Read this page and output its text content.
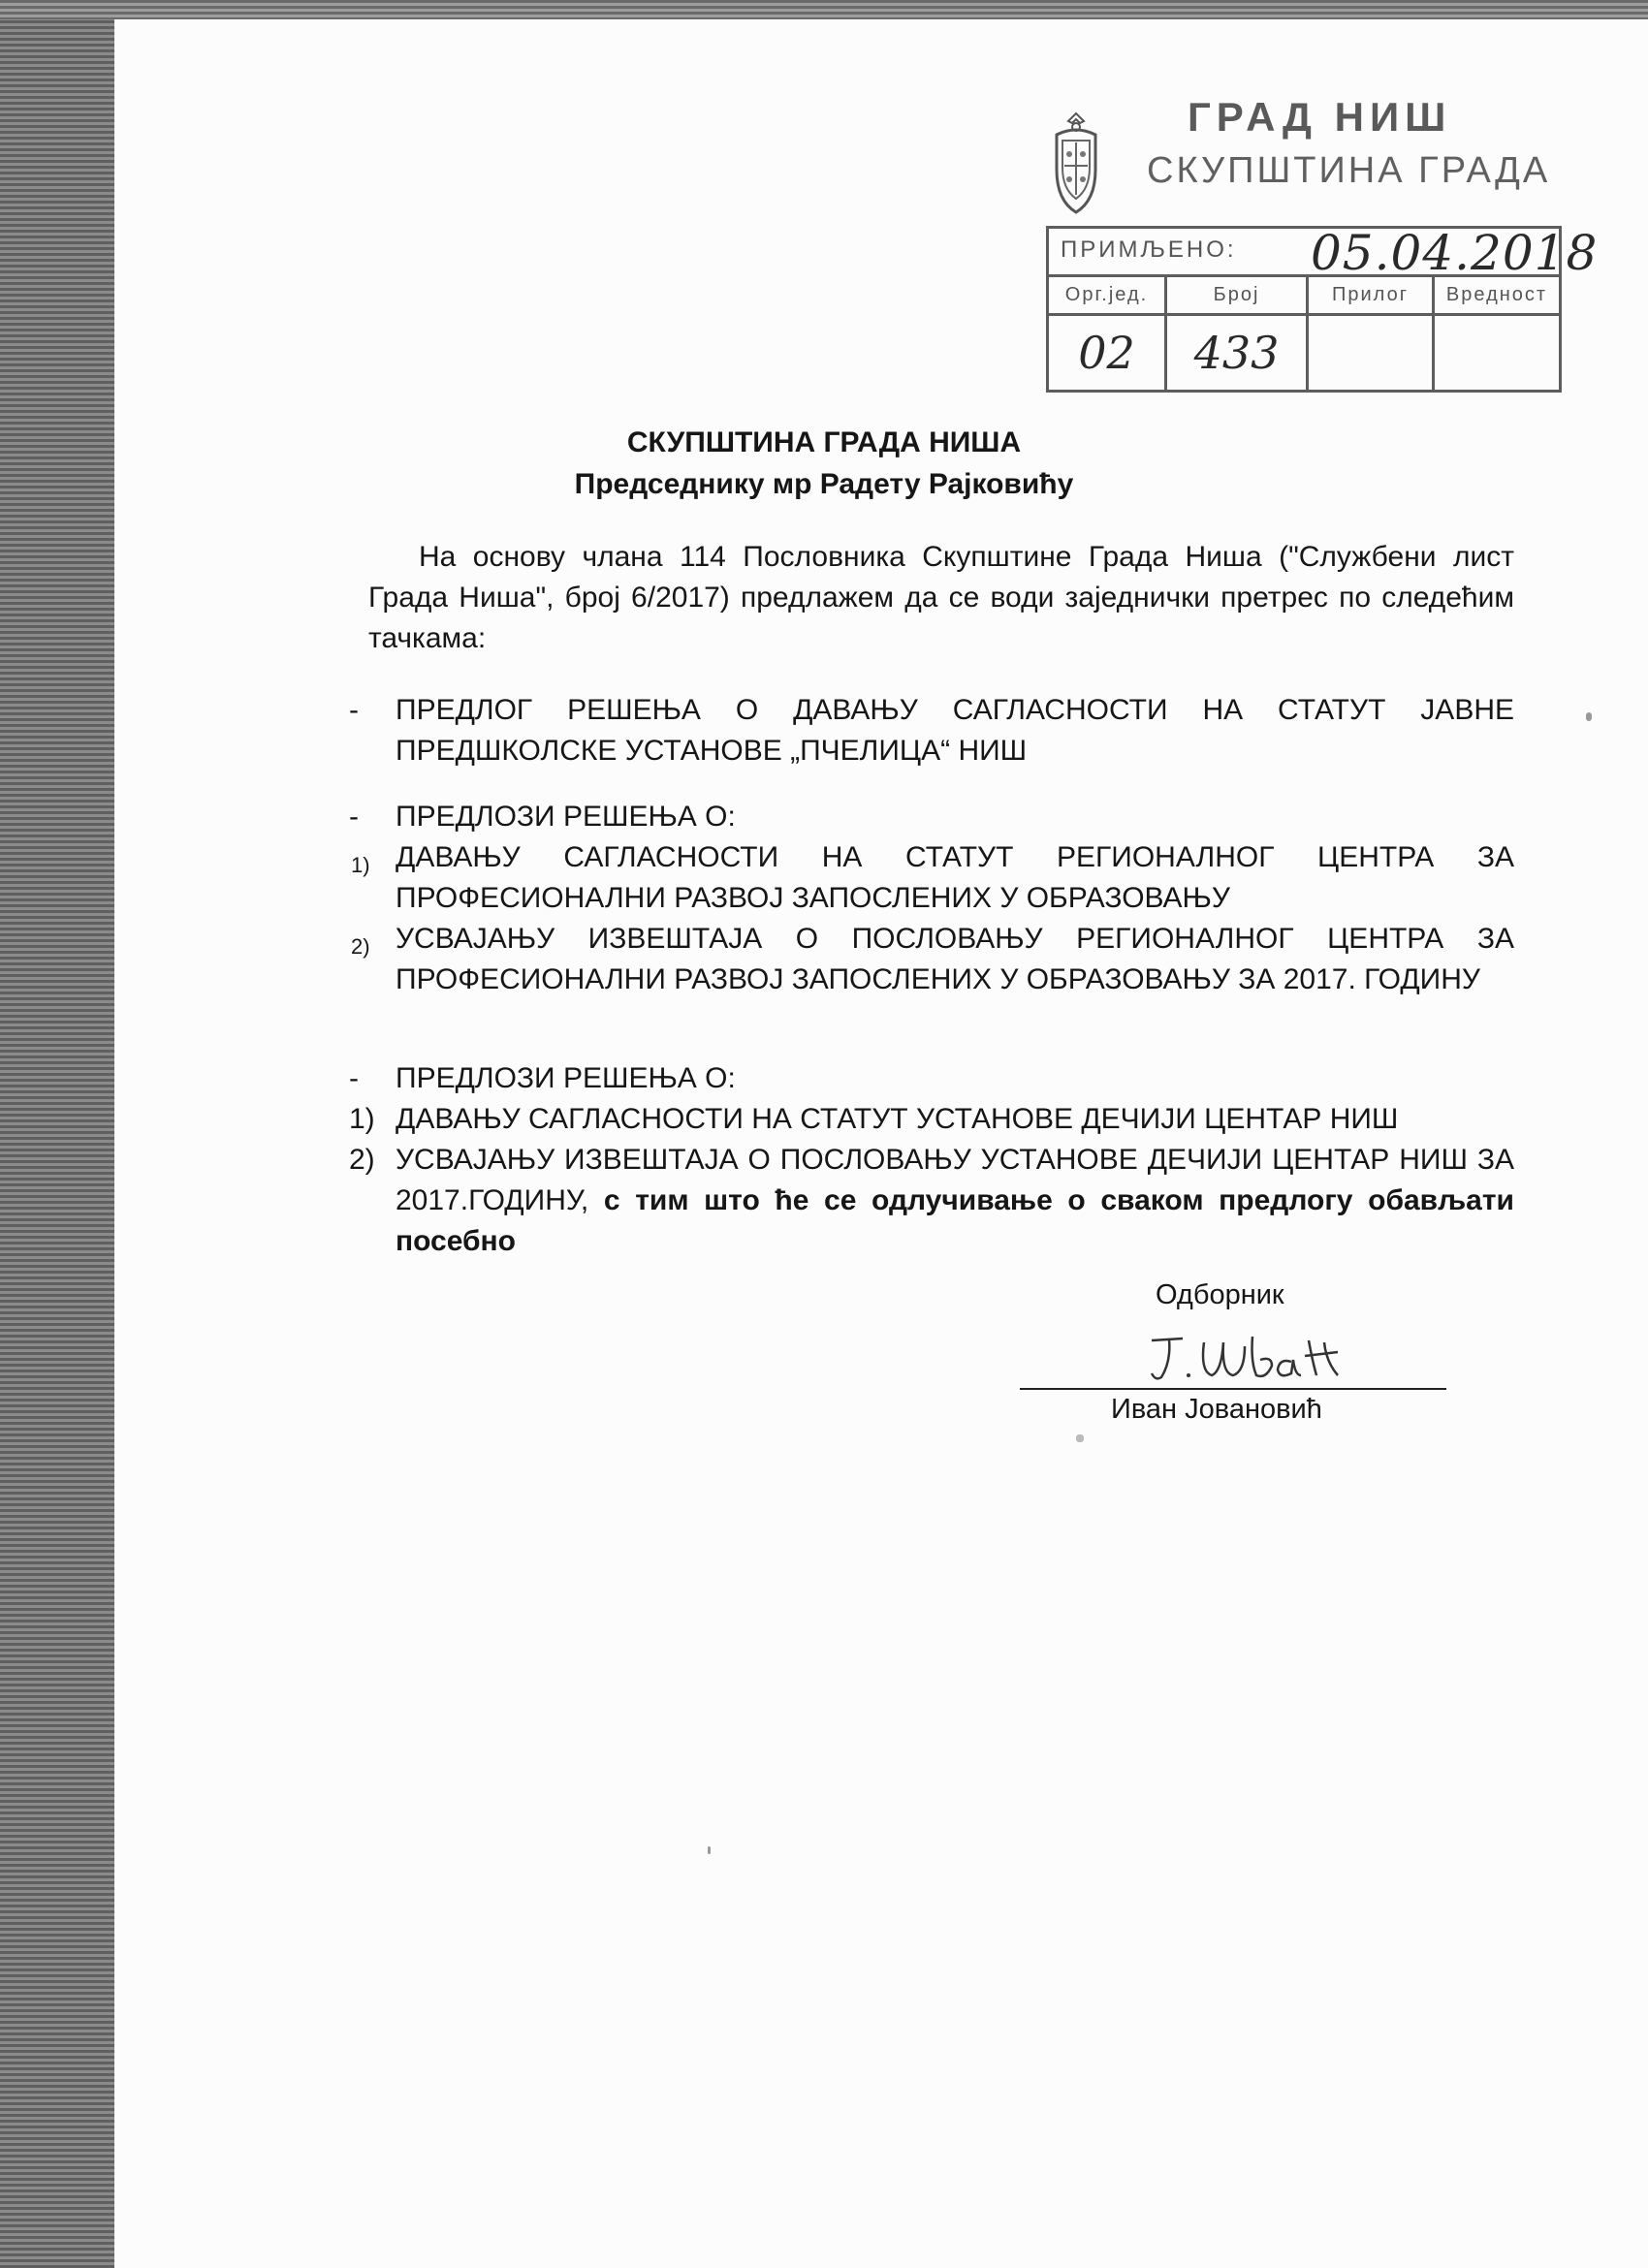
ГРАД НИШ
СКУПШТИНА ГРАДА
ПРИМЉЕНО: 05.04.2018
Орг.јед.	Број	Прилог	Вредност
02	433
СКУПШТИНА ГРАДА НИША
Председнику мр Радету Рајковићу
На основу члана 114 Пословника Скупштине Града Ниша ("Службени лист Града Ниша", број 6/2017) предлажем да се води заједнички претрес по следећим тачкама:
- ПРЕДЛОГ РЕШЕЊА О ДАВАЊУ САГЛАСНОСТИ НА СТАТУТ ЈАВНЕ ПРЕДШКОЛСКЕ УСТАНОВЕ „ПЧЕЛИЦА“ НИШ
- ПРЕДЛОЗИ РЕШЕЊА О:
1) ДАВАЊУ САГЛАСНОСТИ НА СТАТУТ РЕГИОНАЛНОГ ЦЕНТРА ЗА ПРОФЕСИОНАЛНИ РАЗВОЈ ЗАПОСЛЕНИХ У ОБРАЗОВАЊУ
2) УСВАЈАЊУ ИЗВЕШТАЈА О ПОСЛОВАЊУ РЕГИОНАЛНОГ ЦЕНТРА ЗА ПРОФЕСИОНАЛНИ РАЗВОЈ ЗАПОСЛЕНИХ У ОБРАЗОВАЊУ ЗА 2017. ГОДИНУ
- ПРЕДЛОЗИ РЕШЕЊА О:
1) ДАВАЊУ САГЛАСНОСТИ НА СТАТУТ УСТАНОВЕ ДЕЧИЈИ ЦЕНТАР НИШ
2) УСВАЈАЊУ ИЗВЕШТАЈА О ПОСЛОВАЊУ УСТАНОВЕ ДЕЧИЈИ ЦЕНТАР НИШ ЗА 2017.ГОДИНУ, с тим што ће се одлучивање о сваком предлогу обављати посебно
Одборник
Иван Јовановић
